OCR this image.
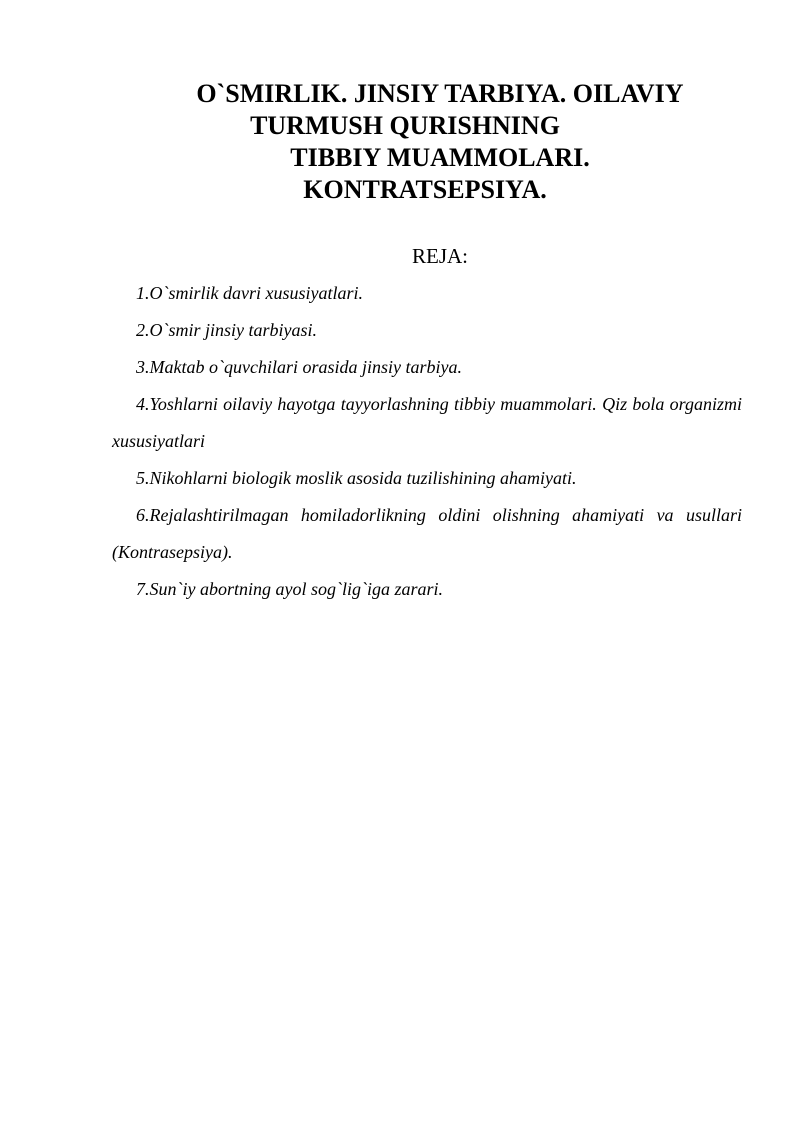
O`SMIRLIK. JINSIY TARBIYA. OILAVIY
TURMUSH QURISHNING
TIBBIY MUAMMOLARI.
KONTRATSEPSIYA.
REJA:
1.O`smirlik davri xususiyatlari.
2.O`smir jinsiy tarbiyasi.
3.Maktab o`quvchilari orasida jinsiy tarbiya.
4.Yoshlarni oilaviy hayotga tayyorlashning tibbiy muammolari. Qiz bola organizmi xususiyatlari
5.Nikohlarni biologik moslik asosida tuzilishining ahamiyati.
6.Rejalashtirilmagan homiladorlikning oldini olishning ahamiyati va usullari (Kontrasepsiya).
7.Sun`iy abortning ayol sog`lig`iga zarari.
